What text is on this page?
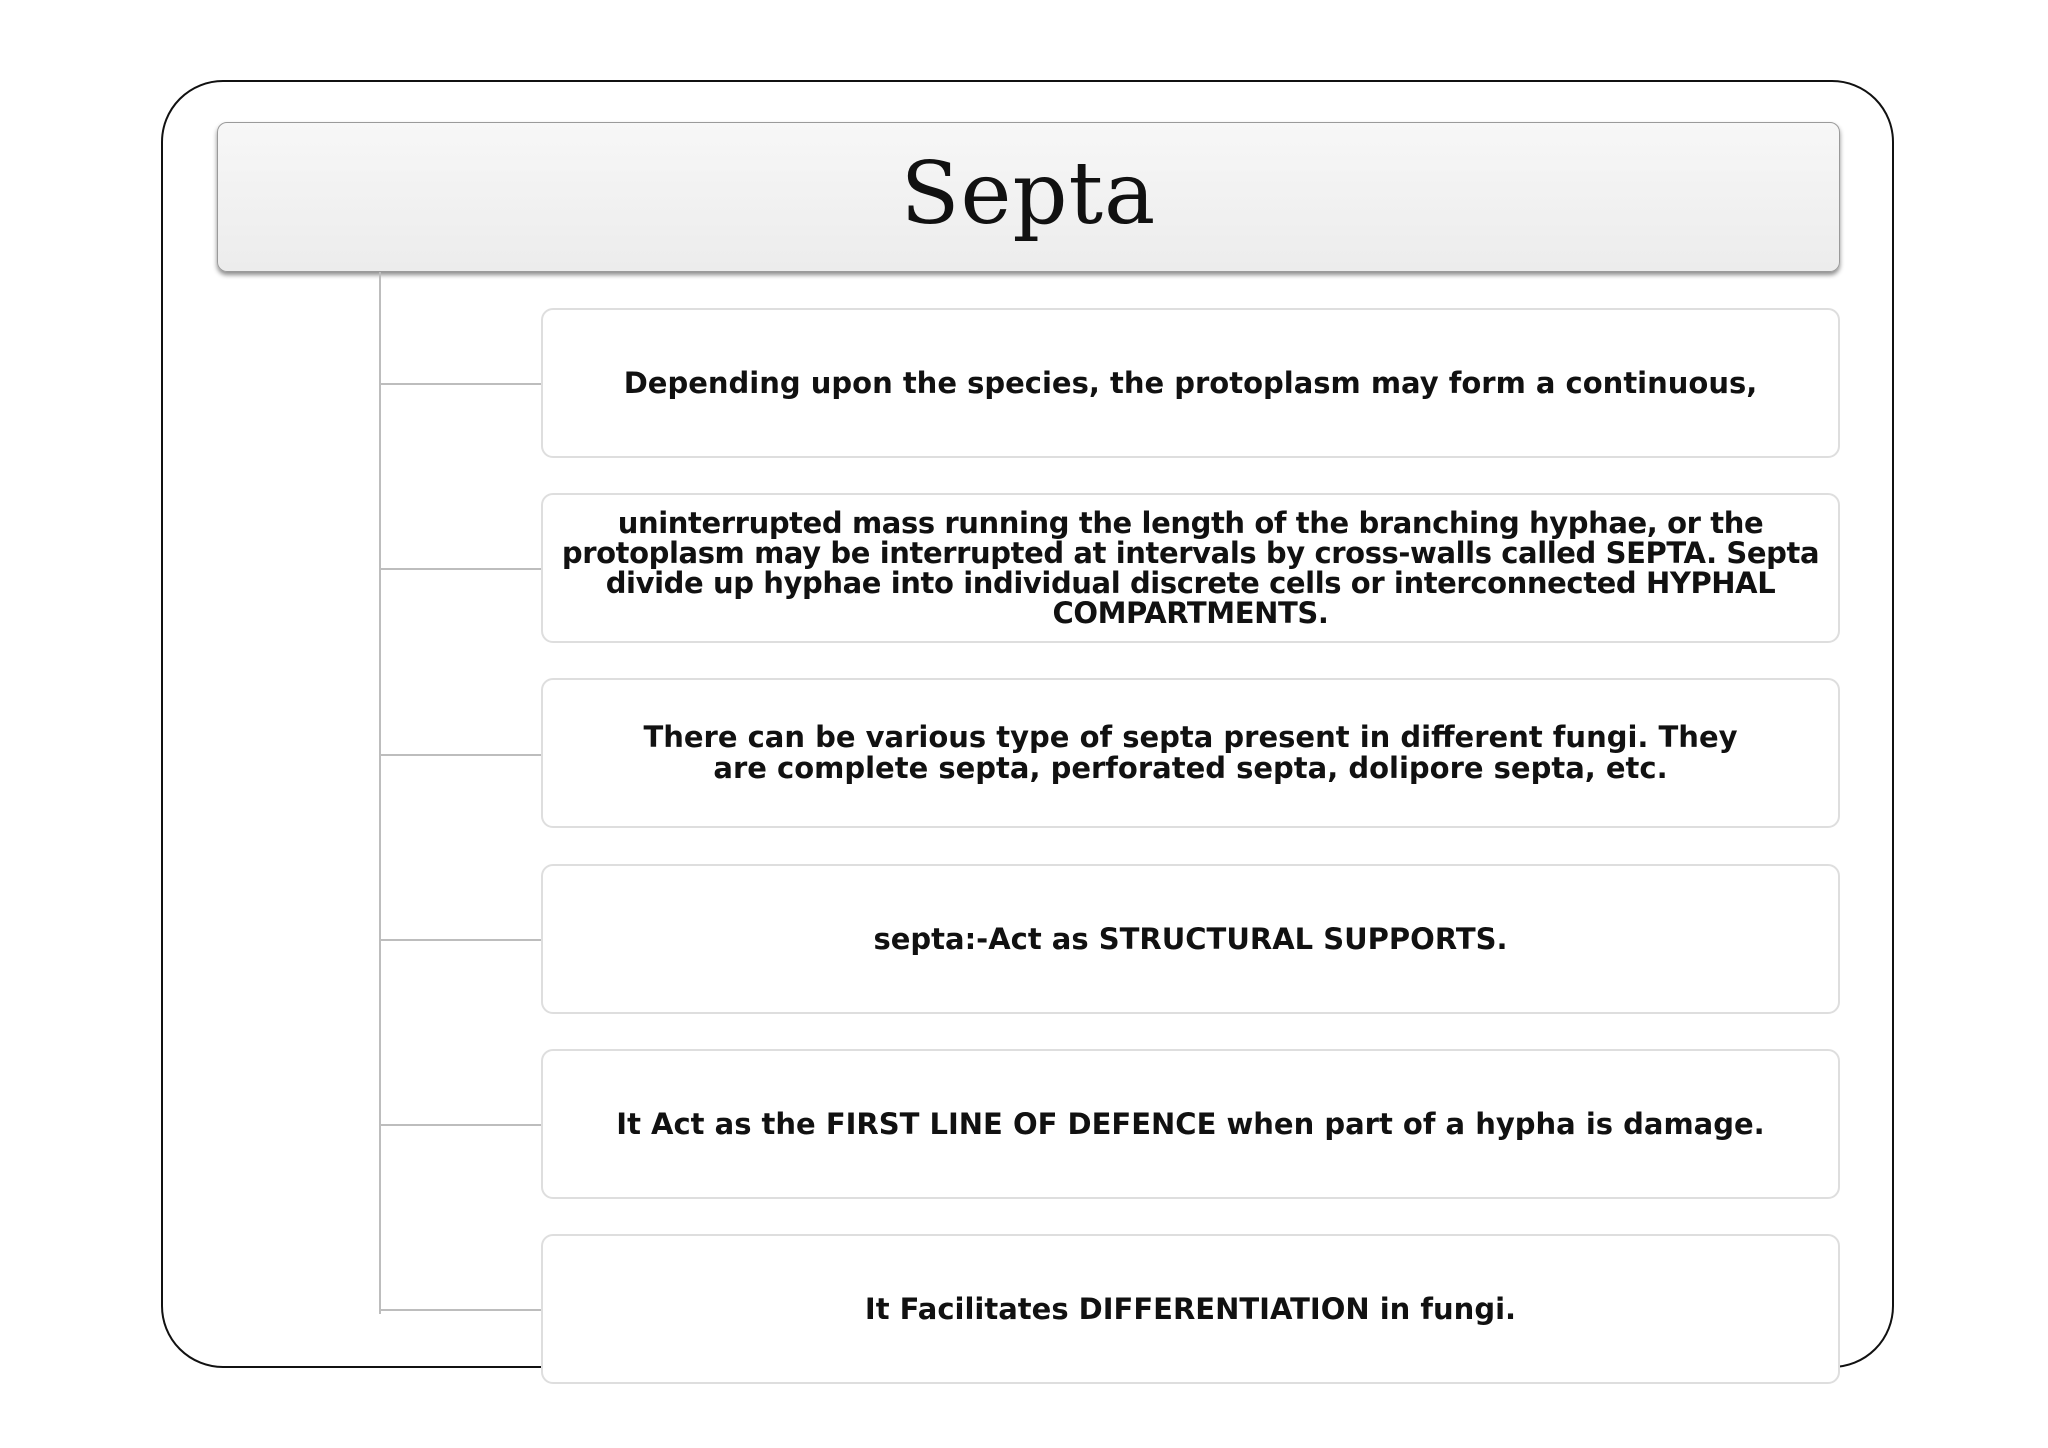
Septa
Depending upon the species, the protoplasm may form a continuous,
uninterrupted mass running the length of the branching hyphae, or the protoplasm may be interrupted at intervals by cross-walls called SEPTA. Septa divide up hyphae into individual discrete cells or interconnected HYPHAL COMPARTMENTS.
There can be various type of septa present in different fungi. They are complete septa, perforated septa, dolipore septa, etc.
septa:-Act as STRUCTURAL SUPPORTS.
It Act as the FIRST LINE OF DEFENCE when part of a hypha is damage.
It Facilitates DIFFERENTIATION in fungi.
